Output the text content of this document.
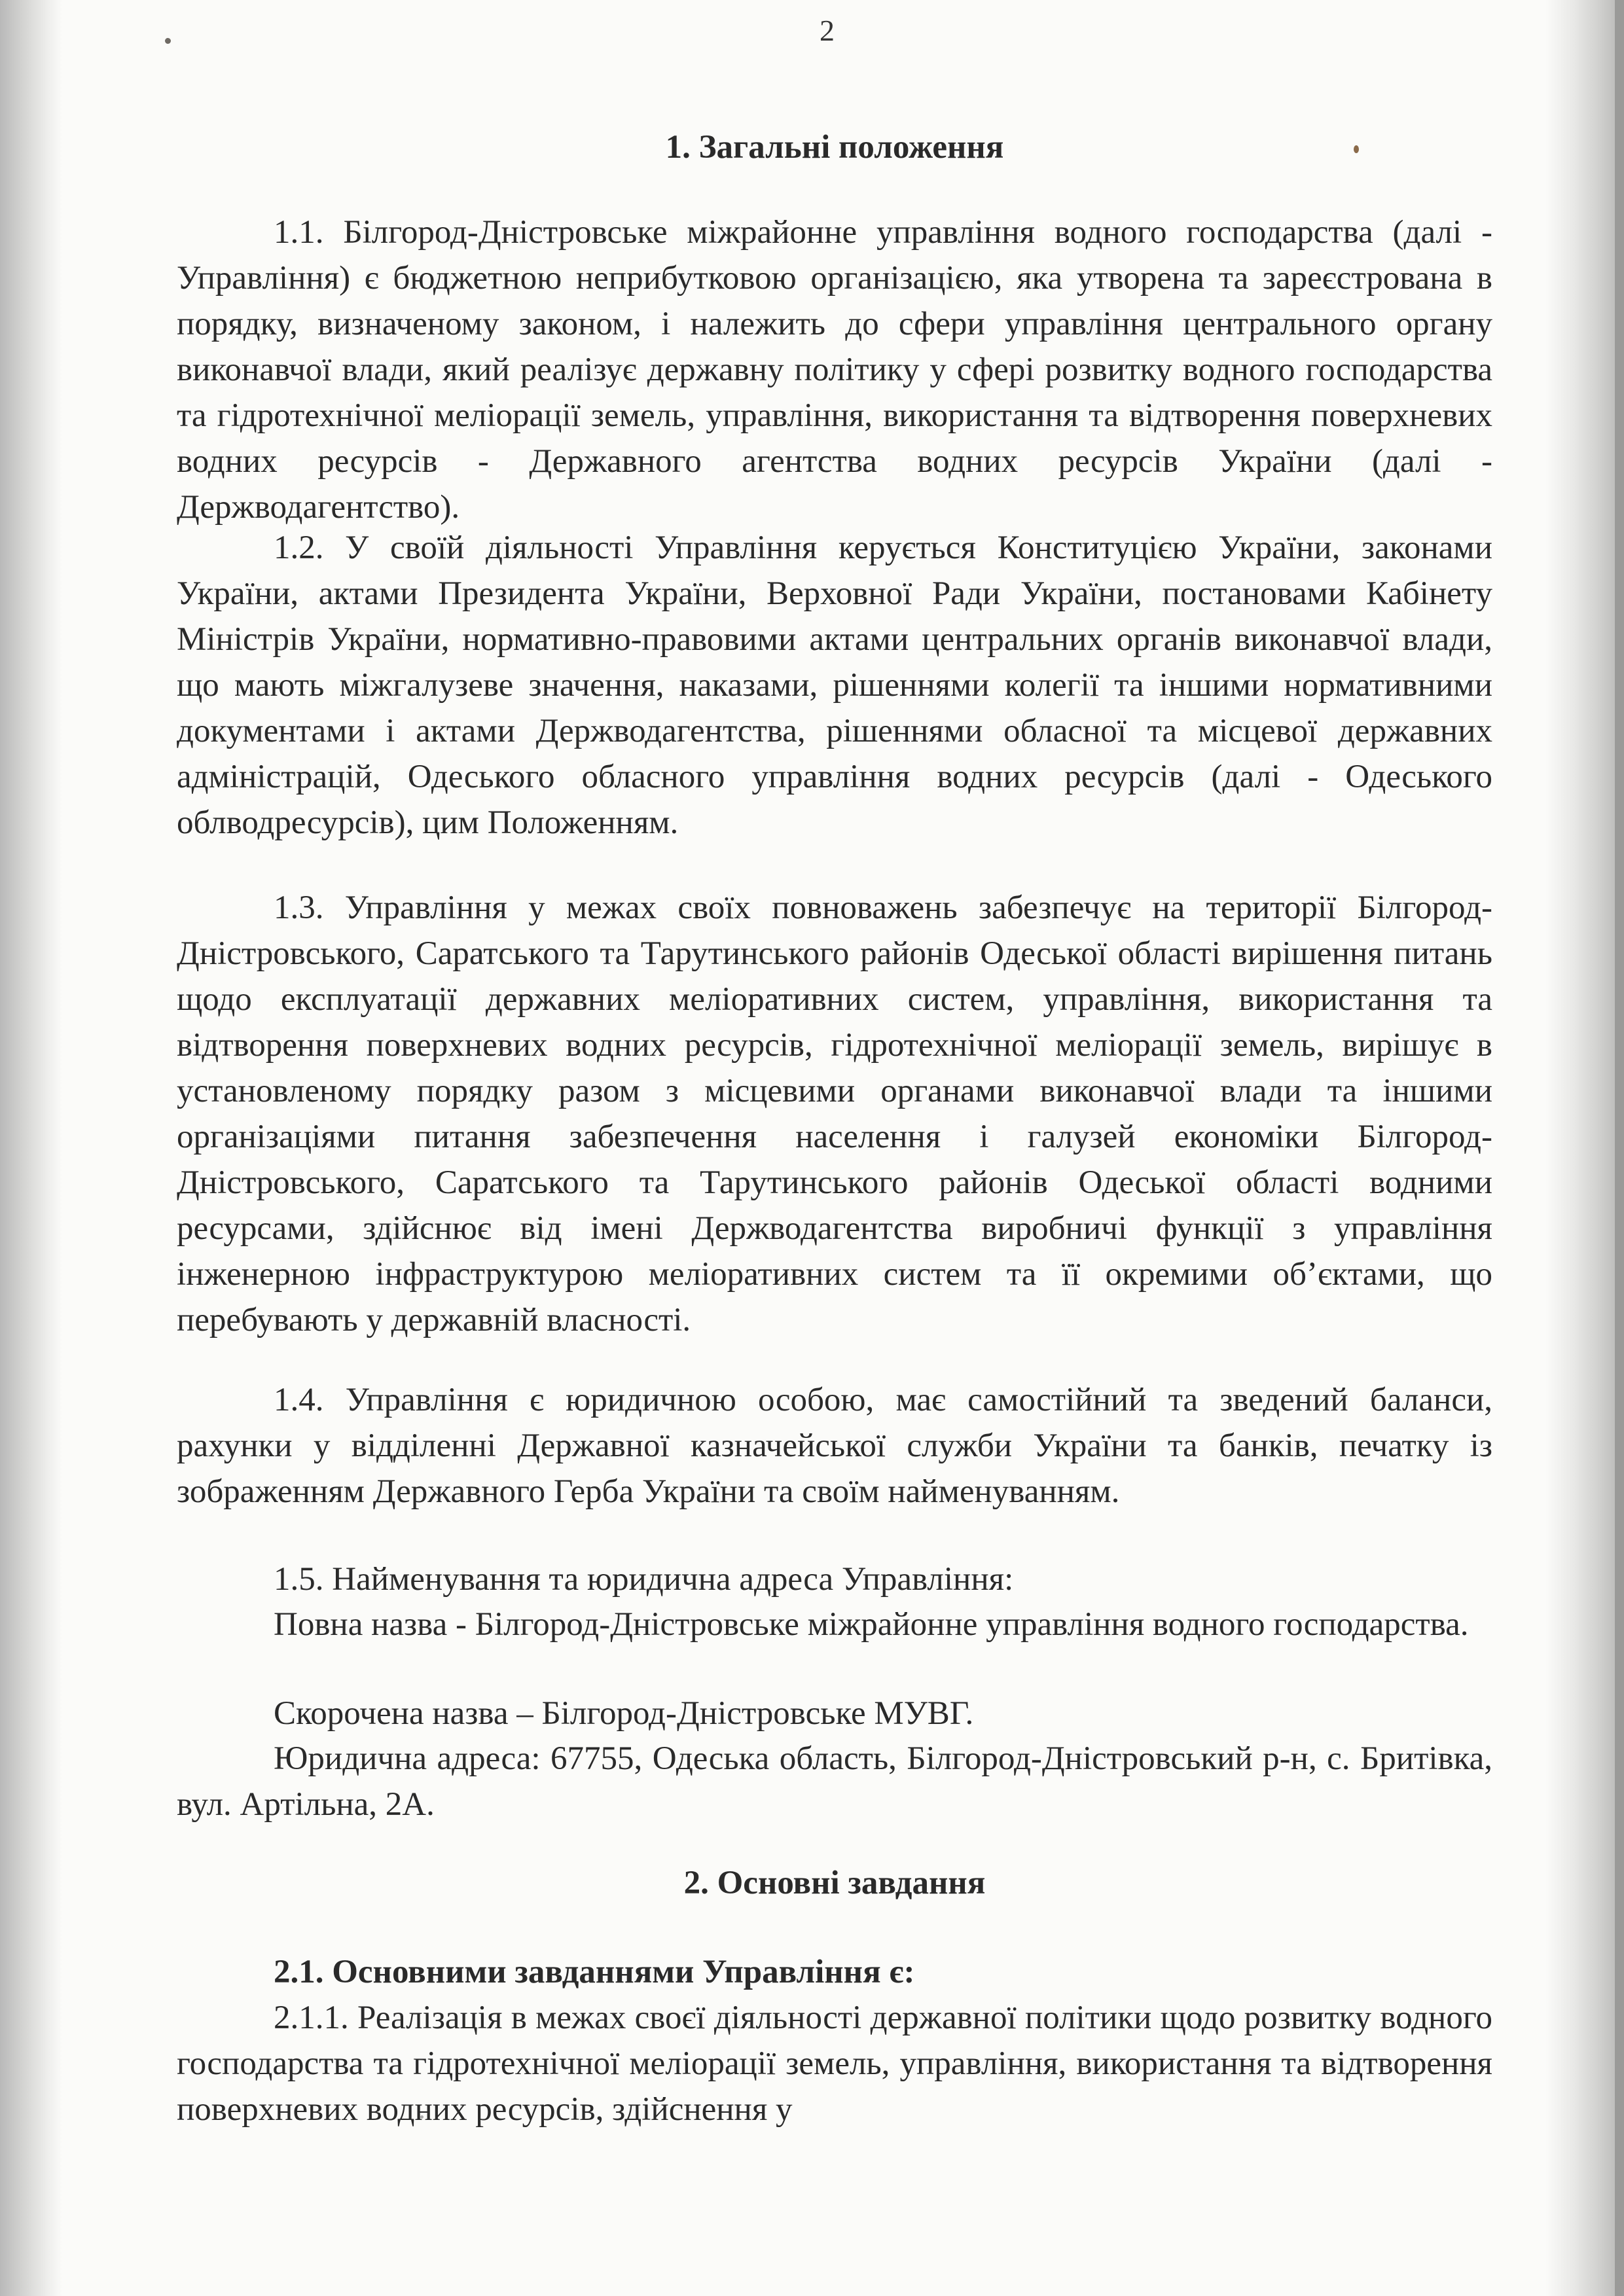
2
1. Загальні положення

1.1. Білгород-Дністровське міжрайонне управління водного господарства (далі - Управління) є бюджетною неприбутковою організацією, яка утворена та зареєстрована в порядку, визначеному законом, і належить до сфери управління центрального органу виконавчої влади, який реалізує державну політику у сфері розвитку водного господарства та гідротехнічної меліорації земель, управління, використання та відтворення поверхневих водних ресурсів - Державного агентства водних ресурсів України (далі - Держводагентство).

1.2. У своїй діяльності Управління керується Конституцією України, законами України, актами Президента України, Верховної Ради України, постановами Кабінету Міністрів України, нормативно-правовими актами центральних органів виконавчої влади, що мають міжгалузеве значення, наказами, рішеннями колегії та іншими нормативними документами і актами Держводагентства, рішеннями обласної та місцевої державних адміністрацій, Одеського обласного управління водних ресурсів (далі - Одеського облводресурсів), цим Положенням.

1.3. Управління у межах своїх повноважень забезпечує на території Білгород-Дністровського, Саратського та Тарутинського районів Одеської області вирішення питань щодо експлуатації державних меліоративних систем, управління, використання та відтворення поверхневих водних ресурсів, гідротехнічної меліорації земель, вирішує в установленому порядку разом з місцевими органами виконавчої влади та іншими організаціями питання забезпечення населення і галузей економіки Білгород-Дністровського, Саратського та Тарутинського районів Одеської області водними ресурсами, здійснює від імені Держводагентства виробничі функції з управління інженерною інфраструктурою меліоративних систем та її окремими об’єктами, що перебувають у державній власності.

1.4. Управління є юридичною особою, має самостійний та зведений баланси, рахунки у відділенні Державної казначейської служби України та банків, печатку із зображенням Державного Герба України та своїм найменуванням.

1.5. Найменування та юридична адреса Управління:

Повна назва - Білгород-Дністровське міжрайонне управління водного господарства.

Скорочена назва – Білгород-Дністровське МУВГ.

Юридична адреса: 67755, Одеська область, Білгород-Дністровський р-н, с. Бритівка, вул. Артільна, 2А.

2. Основні завдання

2.1. Основними завданнями Управління є:

2.1.1. Реалізація в межах своєї діяльності державної політики щодо розвитку водного господарства та гідротехнічної меліорації земель, управління, використання та відтворення поверхневих водних ресурсів, здійснення у
